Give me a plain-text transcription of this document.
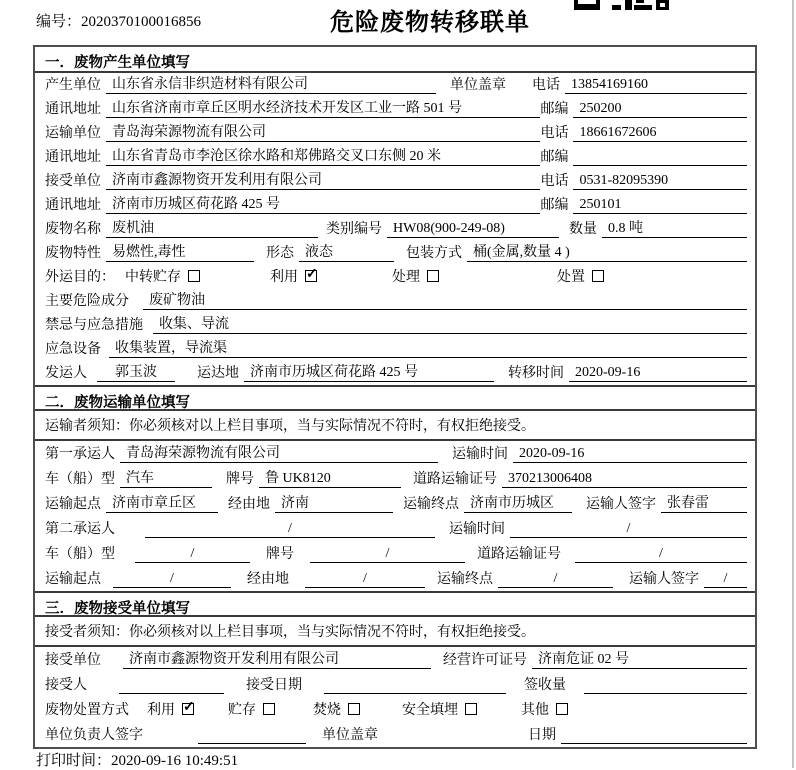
编号：2020370100016856	危险废物转移联单
一．废物产生单位填写
产生单位 山东省永信非织造材料有限公司	单位盖章 电话 13854169160
通讯地址 山东省济南市章丘区明水经济技术开发区工业一路 501 号	邮编 250200
运输单位 青岛海荣源物流有限公司	电话 18661672606
通讯地址 山东省青岛市李沧区徐水路和郑佛路交叉口东侧 20 米	邮编
接受单位 济南市鑫源物资开发利用有限公司	电话 0531-82095390
通讯地址 济南市历城区荷花路 425 号	邮编 250101
废物名称 废机油	类别编号 HW08(900-249-08)	数量 0.8 吨
废物特性 易燃性,毒性	形态 液态	包装方式 桶(金属,数量 4 )
外运目的： 中转贮存	利用 ✓	处理	处置
主要危险成分	废矿物油
禁忌与应急措施	收集、导流
应急设备	收集装置，导流渠
发运人	郭玉波	运达地 济南市历城区荷花路 425 号	转移时间 2020-09-16
二．废物运输单位填写
运输者须知：你必须核对以上栏目事项，当与实际情况不符时，有权拒绝接受。
第一承运人 青岛海荣源物流有限公司	运输时间 2020-09-16
车（船）型 汽车	牌号 鲁 UK8120	道路运输证号 370213006408
运输起点 济南市章丘区	经由地 济南	运输终点 济南市历城区	运输人签字 张春雷
第二承运人	/	运输时间	/
车（船）型	/	牌号	/	道路运输证号	/
运输起点	/	经由地	/	运输终点	/	运输人签字	/
三．废物接受单位填写
接受者须知：你必须核对以上栏目事项，当与实际情况不符时，有权拒绝接受。
接受单位	济南市鑫源物资开发利用有限公司	经营许可证号 济南危证 02 号
接受人	接受日期	签收量
废物处置方式 利用 ✓	贮存	焚烧	安全填埋	其他
单位负责人签字	单位盖章	日期
打印时间：2020-09-16 10:49:51
